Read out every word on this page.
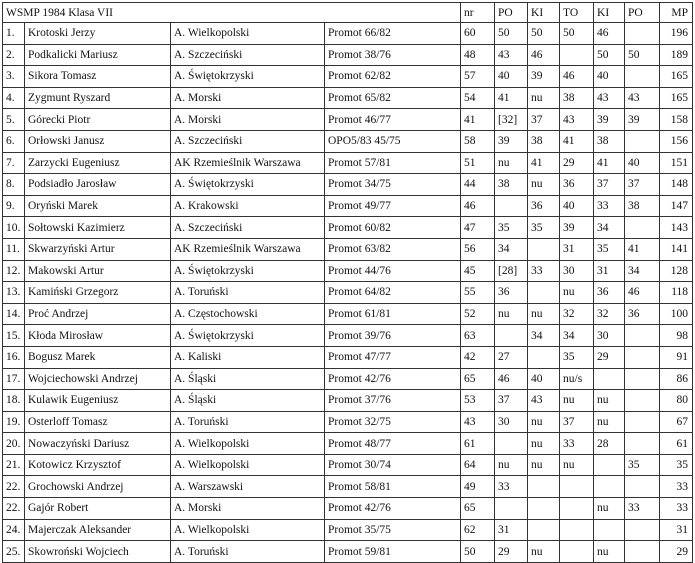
WSMP 1984 Klasa VII				nr	PO	KI	TO	KI	PO	MP
1.	Krotoski Jerzy	A. Wielkopolski	Promot 66/82	60	50	50	50	46		196
2.	Podkalicki Mariusz	A. Szczeciński	Promot 38/76	48	43	46		50	50	189
3.	Sikora Tomasz	A. Świętokrzyski	Promot 62/82	57	40	39	46	40		165
4.	Zygmunt Ryszard	A. Morski	Promot 65/82	54	41	nu	38	43	43	165
5.	Górecki Piotr	A. Morski	Promot 46/77	41	[32]	37	43	39	39	158
6.	Orłowski Janusz	A. Szczeciński	OPO5/83 45/75	58	39	38	41	38		156
7.	Zarzycki Eugeniusz	AK Rzemieślnik Warszawa	Promot 57/81	51	nu	41	29	41	40	151
8.	Podsiadło Jarosław	A. Świętokrzyski	Promot 34/75	44	38	nu	36	37	37	148
9.	Oryński Marek	A. Krakowski	Promot 49/77	46		36	40	33	38	147
10.	Sołtowski Kazimierz	A. Szczeciński	Promot 60/82	47	35	35	39	34		143
11.	Skwarzyński Artur	AK Rzemieślnik Warszawa	Promot 63/82	56	34		31	35	41	141
12.	Makowski Artur	A. Świętokrzyski	Promot 44/76	45	[28]	33	30	31	34	128
13.	Kamiński Grzegorz	A. Toruński	Promot 64/82	55	36		nu	36	46	118
14.	Proć Andrzej	A. Częstochowski	Promot 61/81	52	nu	nu	32	32	36	100
15.	Kłoda Mirosław	A. Świętokrzyski	Promot 39/76	63		34	34	30		98
16.	Bogusz Marek	A. Kaliski	Promot 47/77	42	27		35	29		91
17.	Wojciechowski Andrzej	A. Śląski	Promot 42/76	65	46	40	nu/s			86
18.	Kulawik Eugeniusz	A. Śląski	Promot 37/76	53	37	43	nu	nu		80
19.	Osterloff Tomasz	A. Toruński	Promot 32/75	43	30	nu	37	nu		67
20.	Nowaczyński Dariusz	A. Wielkopolski	Promot 48/77	61		nu	33	28		61
21.	Kotowicz Krzysztof	A. Wielkopolski	Promot 30/74	64	nu	nu	nu		35	35
22.	Grochowski Andrzej	A. Warszawski	Promot 58/81	49	33					33
22.	Gajór Robert	A. Morski	Promot 42/76	65				nu	33	33
24.	Majerczak Aleksander	A. Wielkopolski	Promot 35/75	62	31					31
25.	Skowroński Wojciech	A. Toruński	Promot 59/81	50	29	nu		nu		29
